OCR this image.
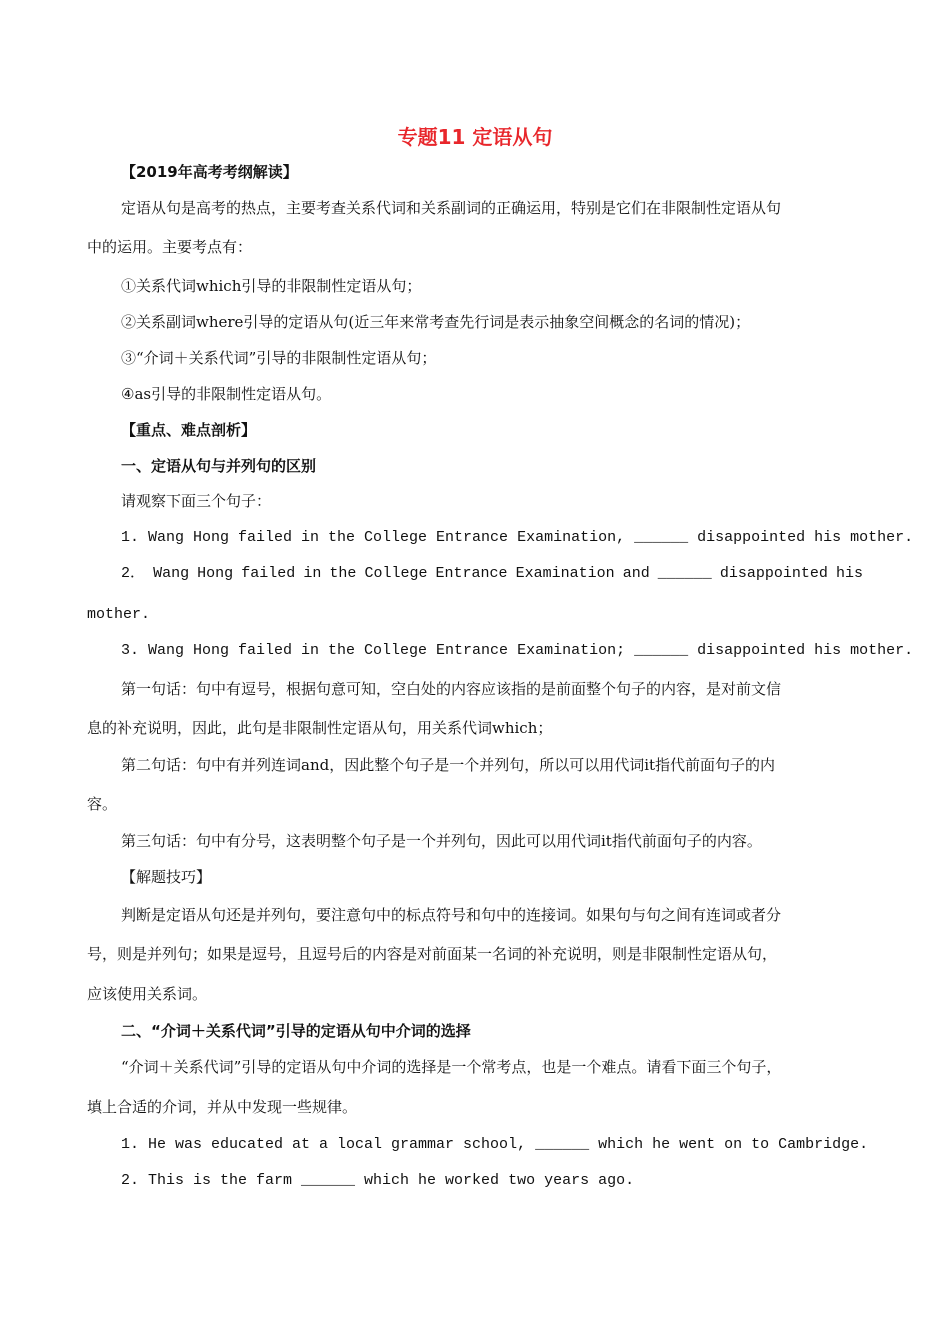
专题11 定语从句
【2019年高考考纲解读】
定语从句是高考的热点，主要考查关系代词和关系副词的正确运用，特别是它们在非限制性定语从句
中的运用。主要考点有：
①关系代词which引导的非限制性定语从句；
②关系副词where引导的定语从句(近三年来常考查先行词是表示抽象空间概念的名词的情况)；
③“介词＋关系代词”引导的非限制性定语从句；
④as引导的非限制性定语从句。
【重点、难点剖析】
一、定语从句与并列句的区别
请观察下面三个句子：
1. Wang Hong failed in the College Entrance Examination, ______ disappointed his mother.
2． Wang Hong failed in the College Entrance Examination and ______ disappointed his
mother.
3. Wang Hong failed in the College Entrance Examination; ______ disappointed his mother.
第一句话：句中有逗号，根据句意可知，空白处的内容应该指的是前面整个句子的内容，是对前文信
息的补充说明，因此，此句是非限制性定语从句，用关系代词which；
第二句话：句中有并列连词and，因此整个句子是一个并列句，所以可以用代词it指代前面句子的内
容。
第三句话：句中有分号，这表明整个句子是一个并列句，因此可以用代词it指代前面句子的内容。
【解题技巧】
判断是定语从句还是并列句，要注意句中的标点符号和句中的连接词。如果句与句之间有连词或者分
号，则是并列句；如果是逗号，且逗号后的内容是对前面某一名词的补充说明，则是非限制性定语从句，
应该使用关系词。
二、“介词＋关系代词”引导的定语从句中介词的选择
“介词＋关系代词”引导的定语从句中介词的选择是一个常考点，也是一个难点。请看下面三个句子，
填上合适的介词，并从中发现一些规律。
1. He was educated at a local grammar school, ______ which he went on to Cambridge.
2. This is the farm ______ which he worked two years ago.
